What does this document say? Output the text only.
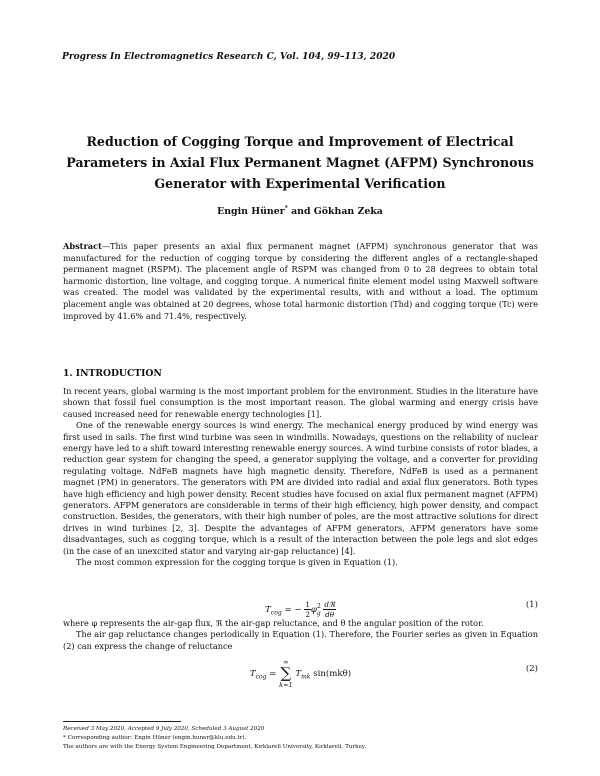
Progress In Electromagnetics Research C, Vol. 104, 99–113, 2020
Reduction of Cogging Torque and Improvement of Electrical
Parameters in Axial Flux Permanent Magnet (AFPM) Synchronous
Generator with Experimental Verification
Engin Hüner* and Gökhan Zeka
Abstract—This paper presents an axial flux permanent magnet (AFPM) synchronous generator that was manufactured for the reduction of cogging torque by considering the different angles of a rectangle-shaped permanent magnet (RSPM). The placement angle of RSPM was changed from 0 to 28 degrees to obtain total harmonic distortion, line voltage, and cogging torque. A numerical finite element model using Maxwell software was created. The model was validated by the experimental results, with and without a load. The optimum placement angle was obtained at 20 degrees, whose total harmonic distortion (Thd) and cogging torque (Tc) were improved by 41.6% and 71.4%, respectively.
1. INTRODUCTION

In recent years, global warming is the most important problem for the environment. Studies in the literature have shown that fossil fuel consumption is the most important reason. The global warming and energy crisis have caused increased need for renewable energy technologies [1].

One of the renewable energy sources is wind energy. The mechanical energy produced by wind energy was first used in sails. The first wind turbine was seen in windmills. Nowadays, questions on the reliability of nuclear energy have led to a shift toward interesting renewable energy sources. A wind turbine consists of rotor blades, a reduction gear system for changing the speed, a generator supplying the voltage, and a converter for providing regulating voltage. NdFeB magnets have high magnetic density. Therefore, NdFeB is used as a permanent magnet (PM) in generators. The generators with PM are divided into radial and axial flux generators. Both types have high efficiency and high power density. Recent studies have focused on axial flux permanent magnet (AFPM) generators. AFPM generators are considerable in terms of their high efficiency, high power density, and compact construction. Besides, the generators, with their high number of poles, are the most attractive solutions for direct drives in wind turbines [2, 3]. Despite the advantages of AFPM generators, AFPM generators have some disadvantages, such as cogging torque, which is a result of the interaction between the pole legs and slot edges (in the case of an unexcited stator and varying air-gap reluctance) [4].

The most common expression for the cogging torque is given in Equation (1).

$T_{cog}$ = − $\frac{1}{2} \varphi^2_g \frac{\text{dℜ}}{d\theta}$	(1)

where φ represents the air-gap flux, ℜ the air-gap reluctance, and θ the angular position of the rotor.

The air gap reluctance changes periodically in Equation (1). Therefore, the Fourier series as given in Equation (2) can express the change of reluctance

$T_{cog}$ =
∞
∑
k=1
$T_{mk}$ sin(mkθ)	(2)
Received 3 May 2020, Accepted 9 July 2020, Scheduled 3 August 2020
* Corresponding author: Engin Hüner (engin.huner@klu.edu.tr).
The authors are with the Energy System Engineering Department, Kırklareli University, Kırklareli, Turkey.
